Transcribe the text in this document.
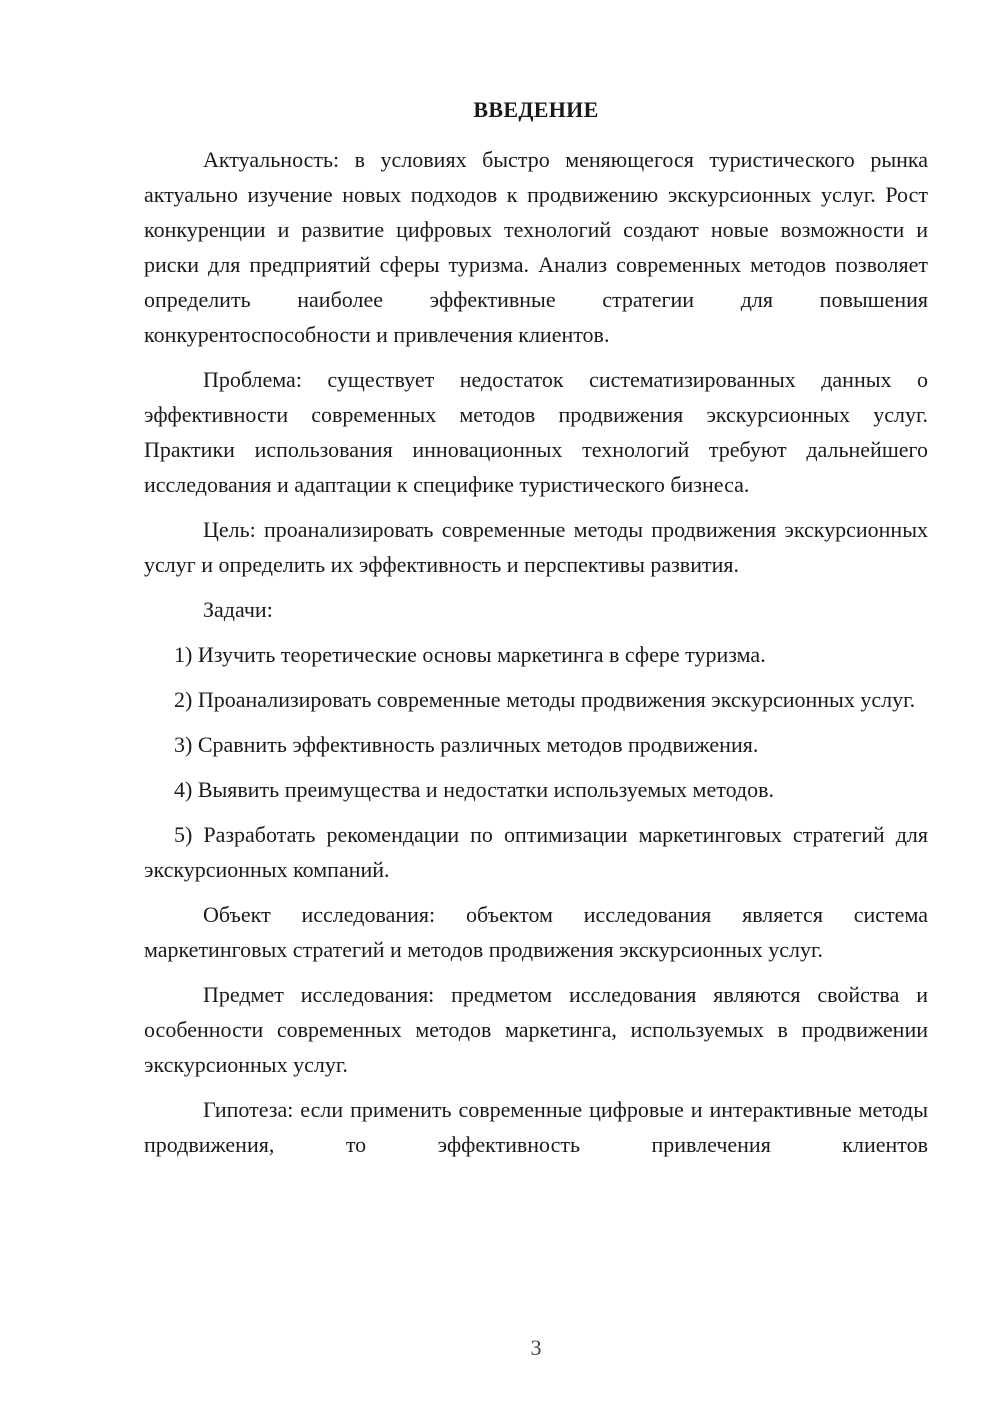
ВВЕДЕНИЕ

Актуальность: в условиях быстро меняющегося туристического рынка актуально изучение новых подходов к продвижению экскурсионных услуг. Рост конкуренции и развитие цифровых технологий создают новые возможности и риски для предприятий сферы туризма. Анализ современных методов позволяет определить наиболее эффективные стратегии для повышения конкурентоспособности и привлечения клиентов.

Проблема: существует недостаток систематизированных данных о эффективности современных методов продвижения экскурсионных услуг. Практики использования инновационных технологий требуют дальнейшего исследования и адаптации к специфике туристического бизнеса.

Цель: проанализировать современные методы продвижения экскурсионных услуг и определить их эффективность и перспективы развития.

Задачи:

1) Изучить теоретические основы маркетинга в сфере туризма.

2) Проанализировать современные методы продвижения экскурсионных услуг.

3) Сравнить эффективность различных методов продвижения.

4) Выявить преимущества и недостатки используемых методов.

5) Разработать рекомендации по оптимизации маркетинговых стратегий для экскурсионных компаний.

Объект исследования: объектом исследования является система маркетинговых стратегий и методов продвижения экскурсионных услуг.

Предмет исследования: предметом исследования являются свойства и особенности современных методов маркетинга, используемых в продвижении экскурсионных услуг.

Гипотеза: если применить современные цифровые и интерактивные методы продвижения, то эффективность привлечения клиентов

3
